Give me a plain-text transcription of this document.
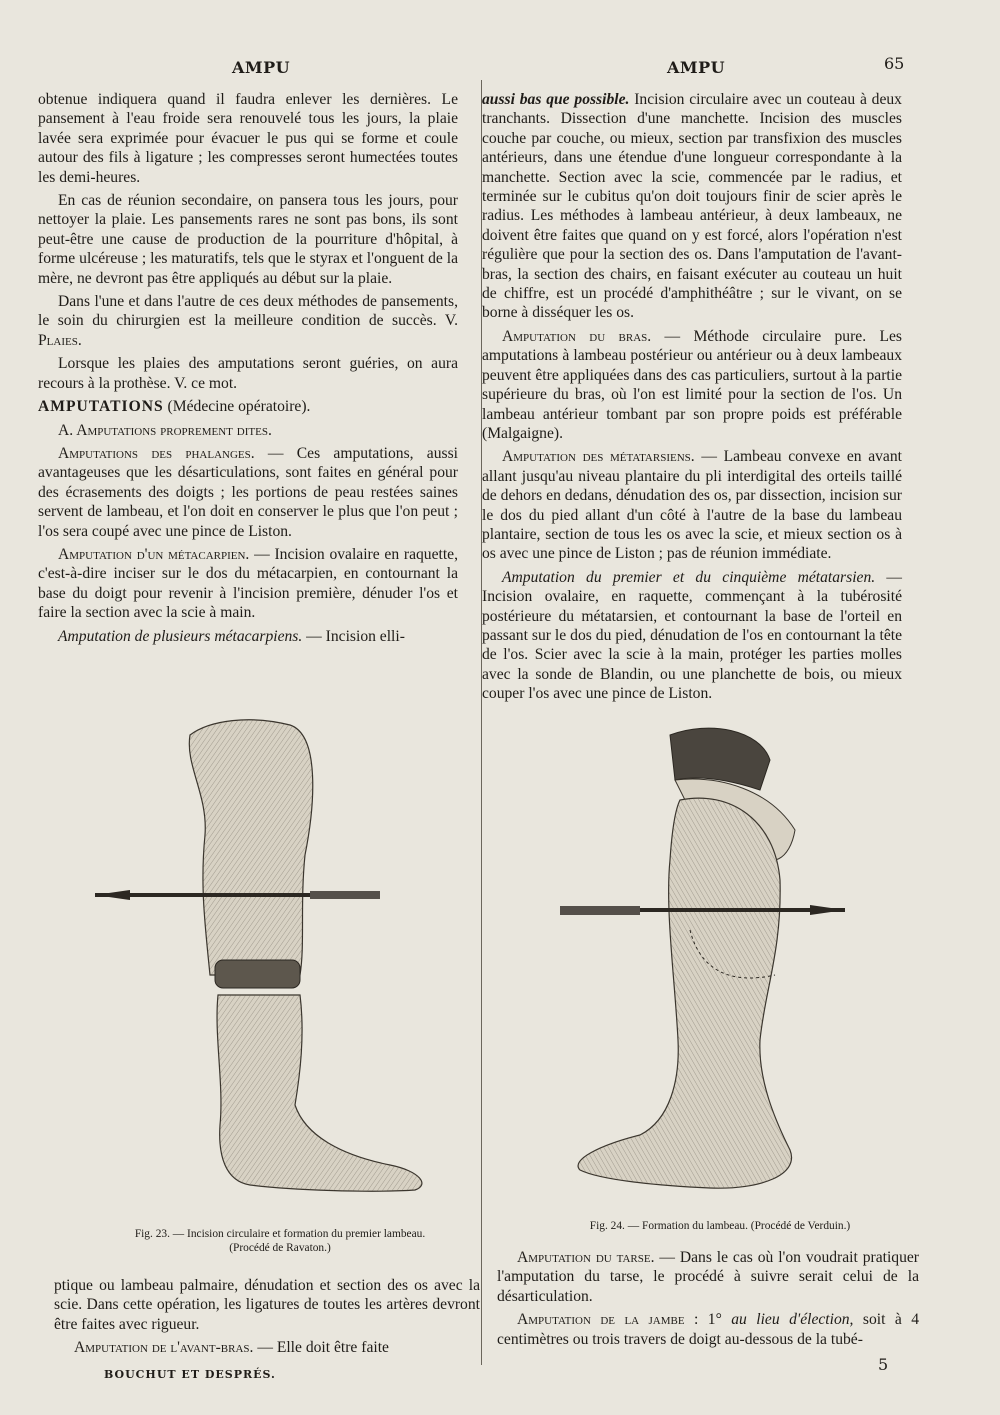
AMPU	AMPU	65

obtenue indiquera quand il faudra enlever les dernières. Le pansement à l'eau froide sera renouvelé tous les jours, la plaie lavée sera exprimée pour évacuer le pus qui se forme et coule autour des fils à ligature ; les compresses seront humectées toutes les demi-heures.

En cas de réunion secondaire, on pansera tous les jours, pour nettoyer la plaie. Les pansements rares ne sont pas bons, ils sont peut-être une cause de production de la pourriture d'hôpital, à forme ulcéreuse ; les maturatifs, tels que le styrax et l'onguent de la mère, ne devront pas être appliqués au début sur la plaie.

Dans l'une et dans l'autre de ces deux méthodes de pansements, le soin du chirurgien est la meilleure condition de succès. V. Plaies.

Lorsque les plaies des amputations seront guéries, on aura recours à la prothèse. V. ce mot.

AMPUTATIONS (Médecine opératoire).

A. Amputations proprement dites.

Amputations des phalanges. — Ces amputations, aussi avantageuses que les désarticulations, sont faites en général pour des écrasements des doigts ; les portions de peau restées saines servent de lambeau, et l'on doit en conserver le plus que l'on peut ; l'os sera coupé avec une pince de Liston.

Amputation d'un métacarpien. — Incision ovalaire en raquette, c'est-à-dire inciser sur le dos du métacarpien, en contournant la base du doigt pour revenir à l'incision première, dénuder l'os et faire la section avec la scie à main.

Amputation de plusieurs métacarpiens. — Incision elli-

aussi bas que possible. Incision circulaire avec un couteau à deux tranchants. Dissection d'une manchette. Incision des muscles couche par couche, ou mieux, section par transfixion des muscles antérieurs, dans une étendue d'une longueur correspondante à la manchette. Section avec la scie, commencée par le radius, et terminée sur le cubitus qu'on doit toujours finir de scier après le radius. Les méthodes à lambeau antérieur, à deux lambeaux, ne doivent être faites que quand on y est forcé, alors l'opération n'est régulière que pour la section des os. Dans l'amputation de l'avant-bras, la section des chairs, en faisant exécuter au couteau un huit de chiffre, est un procédé d'amphithéâtre ; sur le vivant, on se borne à disséquer les os.

Amputation du bras. — Méthode circulaire pure. Les amputations à lambeau postérieur ou antérieur ou à deux lambeaux peuvent être appliquées dans des cas particuliers, surtout à la partie supérieure du bras, où l'on est limité pour la section de l'os. Un lambeau antérieur tombant par son propre poids est préférable (Malgaigne).

Amputation des métatarsiens. — Lambeau convexe en avant allant jusqu'au niveau plantaire du pli interdigital des orteils taillé de dehors en dedans, dénudation des os, par dissection, incision sur le dos du pied allant d'un côté à l'autre de la base du lambeau plantaire, section de tous les os avec la scie, et mieux section os à os avec une pince de Liston ; pas de réunion immédiate.

Amputation du premier et du cinquième métatarsien. — Incision ovalaire, en raquette, commençant à la tubérosité postérieure du métatarsien, et contournant la base de l'orteil en passant sur le dos du pied, dénudation de l'os en contournant la tête de l'os. Scier avec la scie à la main, protéger les parties molles avec la sonde de Blandin, ou une planchette de bois, ou mieux couper l'os avec une pince de Liston.

Fig. 23. — Incision circulaire et formation du premier lambeau.
(Procédé de Ravaton.)
Fig. 24. — Formation du lambeau. (Procédé de Verduin.)

ptique ou lambeau palmaire, dénudation et section des os avec la scie. Dans cette opération, les ligatures de toutes les artères devront être faites avec rigueur.

Amputation de l'avant-bras. — Elle doit être faite

Amputation du tarse. — Dans le cas où l'on voudrait pratiquer l'amputation du tarse, le procédé à suivre serait celui de la désarticulation.

Amputation de la jambe : 1° au lieu d'élection, soit à 4 centimètres ou trois travers de doigt au-dessous de la tubé-

BOUCHUT ET DESPRÉS.
5
